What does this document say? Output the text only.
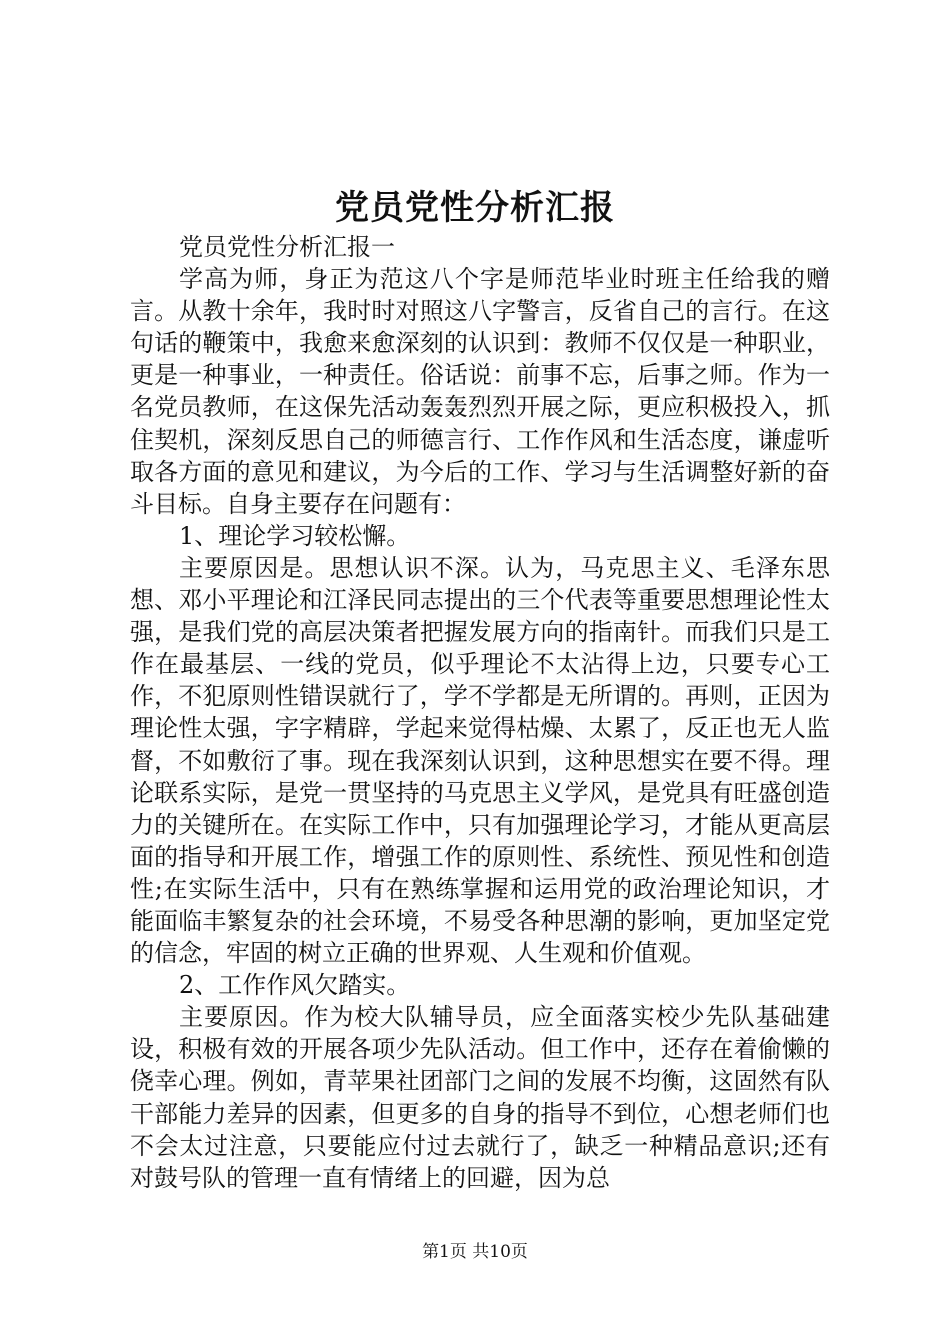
党员党性分析汇报

党员党性分析汇报一

学高为师，身正为范这八个字是师范毕业时班主任给我的赠言。从教十余年，我时时对照这八字警言，反省自己的言行。在这句话的鞭策中，我愈来愈深刻的认识到：教师不仅仅是一种职业，更是一种事业，一种责任。俗话说：前事不忘，后事之师。作为一名党员教师，在这保先活动轰轰烈烈开展之际，更应积极投入，抓住契机，深刻反思自己的师德言行、工作作风和生活态度，谦虚听取各方面的意见和建议，为今后的工作、学习与生活调整好新的奋斗目标。自身主要存在问题有：

1、理论学习较松懈。

主要原因是。思想认识不深。认为，马克思主义、毛泽东思想、邓小平理论和江泽民同志提出的三个代表等重要思想理论性太强，是我们党的高层决策者把握发展方向的指南针。而我们只是工作在最基层、一线的党员，似乎理论不太沾得上边，只要专心工作，不犯原则性错误就行了，学不学都是无所谓的。再则，正因为理论性太强，字字精辟，学起来觉得枯燥、太累了，反正也无人监督，不如敷衍了事。现在我深刻认识到，这种思想实在要不得。理论联系实际，是党一贯坚持的马克思主义学风，是党具有旺盛创造力的关键所在。在实际工作中，只有加强理论学习，才能从更高层面的指导和开展工作，增强工作的原则性、系统性、预见性和创造性;在实际生活中，只有在熟练掌握和运用党的政治理论知识，才能面临丰繁复杂的社会环境，不易受各种思潮的影响，更加坚定党的信念，牢固的树立正确的世界观、人生观和价值观。

2、工作作风欠踏实。

主要原因。作为校大队辅导员，应全面落实校少先队基础建设，积极有效的开展各项少先队活动。但工作中，还存在着偷懒的侥幸心理。例如，青苹果社团部门之间的发展不均衡，这固然有队干部能力差异的因素，但更多的自身的指导不到位，心想老师们也不会太过注意，只要能应付过去就行了，缺乏一种精品意识;还有对鼓号队的管理一直有情绪上的回避，因为总

第1页 共10页
